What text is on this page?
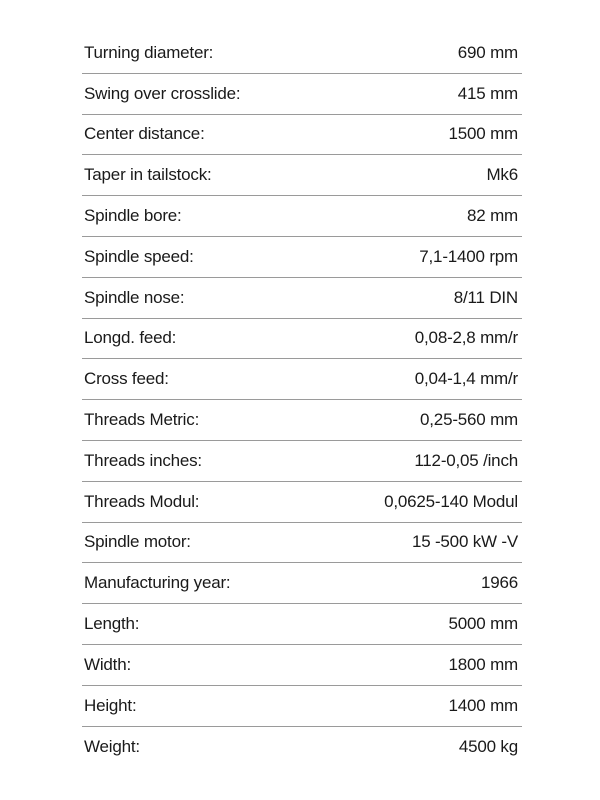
Turning diameter:	690 mm
Swing over crosslide:	415 mm
Center distance:	1500 mm
Taper in tailstock:	Mk6
Spindle bore:	82 mm
Spindle speed:	7,1-1400 rpm
Spindle nose:	8/11 DIN
Longd. feed:	0,08-2,8 mm/r
Cross feed:	0,04-1,4 mm/r
Threads Metric:	0,25-560 mm
Threads inches:	112-0,05 /inch
Threads Modul:	0,0625-140 Modul
Spindle motor:	15 -500 kW -V
Manufacturing year:	1966
Length:	5000 mm
Width:	1800 mm
Height:	1400 mm
Weight:	4500 kg
